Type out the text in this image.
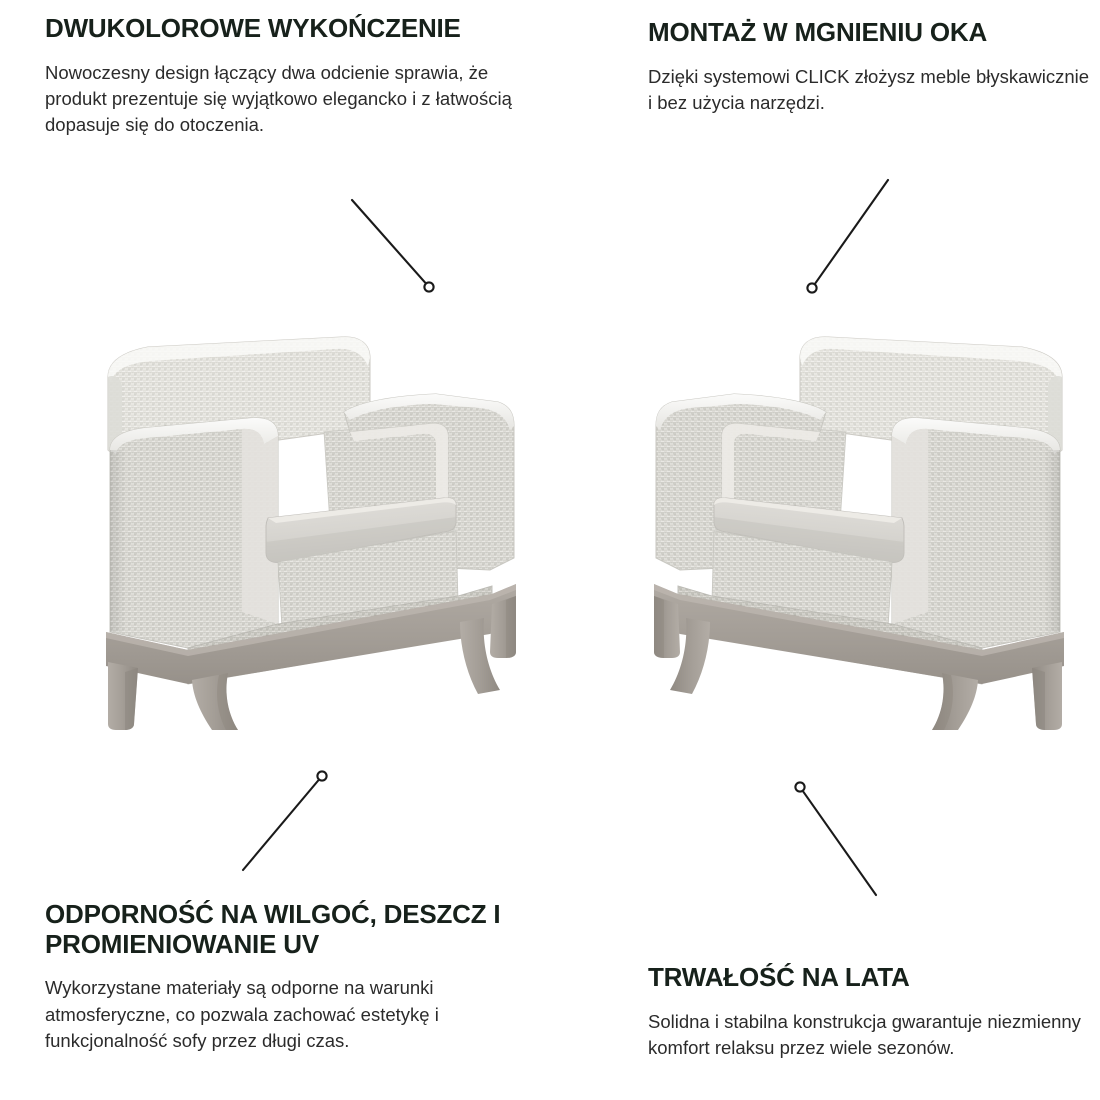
DWUKOLOROWE WYKOŃCZENIE

Nowoczesny design łączący dwa odcienie sprawia, że produkt prezentuje się wyjątkowo elegancko i z łatwością dopasuje się do otoczenia.

MONTAŻ W MGNIENIU OKA

Dzięki systemowi CLICK złożysz meble błyskawicznie i bez użycia narzędzi.

ODPORNOŚĆ NA WILGOĆ, DESZCZ I PROMIENIOWANIE UV

Wykorzystane materiały są odporne na warunki atmosferyczne, co pozwala zachować estetykę i funkcjonalność sofy przez długi czas.

TRWAŁOŚĆ NA LATA

Solidna i stabilna konstrukcja gwarantuje niezmienny komfort relaksu przez wiele sezonów.
